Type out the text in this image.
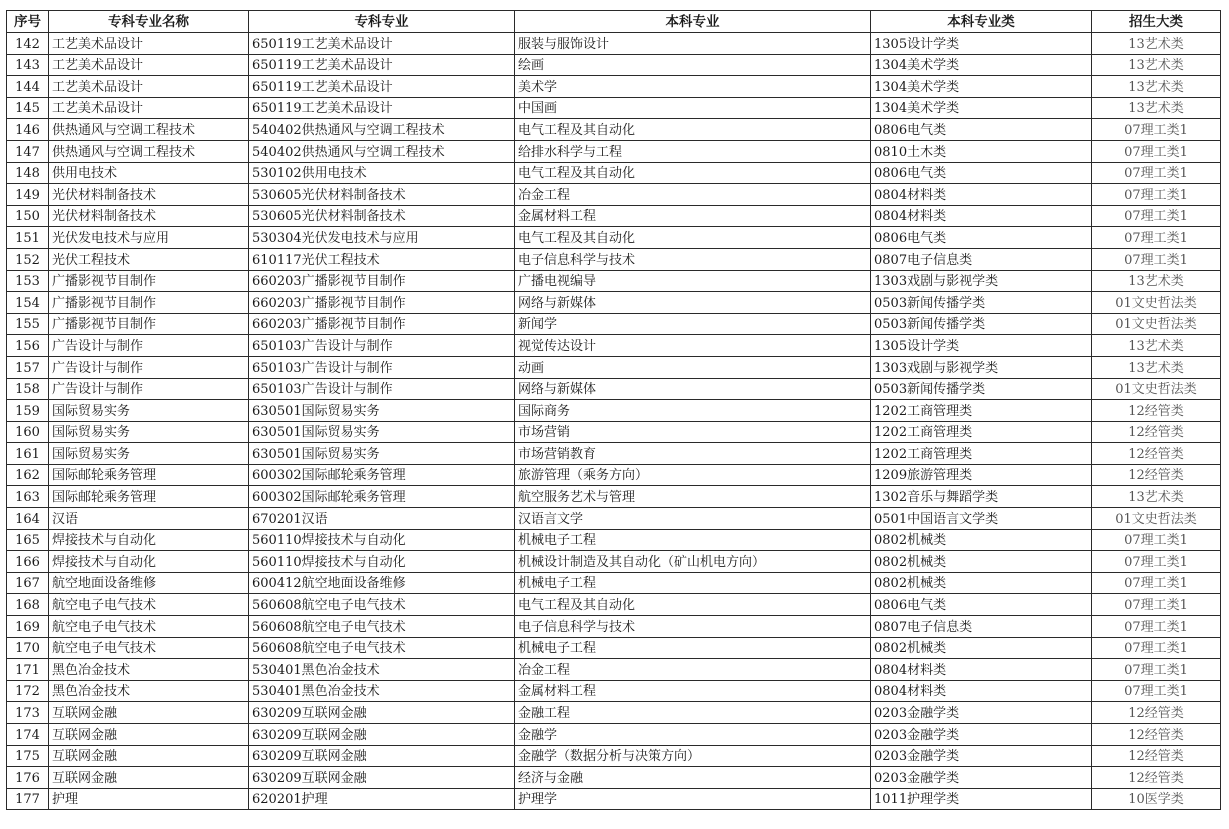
序号	专科专业名称	专科专业	本科专业	本科专业类	招生大类
142	工艺美术品设计	650119工艺美术品设计	服装与服饰设计	1305设计学类	13艺术类
143	工艺美术品设计	650119工艺美术品设计	绘画	1304美术学类	13艺术类
144	工艺美术品设计	650119工艺美术品设计	美术学	1304美术学类	13艺术类
145	工艺美术品设计	650119工艺美术品设计	中国画	1304美术学类	13艺术类
146	供热通风与空调工程技术	540402供热通风与空调工程技术	电气工程及其自动化	0806电气类	07理工类1
147	供热通风与空调工程技术	540402供热通风与空调工程技术	给排水科学与工程	0810土木类	07理工类1
148	供用电技术	530102供用电技术	电气工程及其自动化	0806电气类	07理工类1
149	光伏材料制备技术	530605光伏材料制备技术	冶金工程	0804材料类	07理工类1
150	光伏材料制备技术	530605光伏材料制备技术	金属材料工程	0804材料类	07理工类1
151	光伏发电技术与应用	530304光伏发电技术与应用	电气工程及其自动化	0806电气类	07理工类1
152	光伏工程技术	610117光伏工程技术	电子信息科学与技术	0807电子信息类	07理工类1
153	广播影视节目制作	660203广播影视节目制作	广播电视编导	1303戏剧与影视学类	13艺术类
154	广播影视节目制作	660203广播影视节目制作	网络与新媒体	0503新闻传播学类	01文史哲法类
155	广播影视节目制作	660203广播影视节目制作	新闻学	0503新闻传播学类	01文史哲法类
156	广告设计与制作	650103广告设计与制作	视觉传达设计	1305设计学类	13艺术类
157	广告设计与制作	650103广告设计与制作	动画	1303戏剧与影视学类	13艺术类
158	广告设计与制作	650103广告设计与制作	网络与新媒体	0503新闻传播学类	01文史哲法类
159	国际贸易实务	630501国际贸易实务	国际商务	1202工商管理类	12经管类
160	国际贸易实务	630501国际贸易实务	市场营销	1202工商管理类	12经管类
161	国际贸易实务	630501国际贸易实务	市场营销教育	1202工商管理类	12经管类
162	国际邮轮乘务管理	600302国际邮轮乘务管理	旅游管理（乘务方向）	1209旅游管理类	12经管类
163	国际邮轮乘务管理	600302国际邮轮乘务管理	航空服务艺术与管理	1302音乐与舞蹈学类	13艺术类
164	汉语	670201汉语	汉语言文学	0501中国语言文学类	01文史哲法类
165	焊接技术与自动化	560110焊接技术与自动化	机械电子工程	0802机械类	07理工类1
166	焊接技术与自动化	560110焊接技术与自动化	机械设计制造及其自动化（矿山机电方向）	0802机械类	07理工类1
167	航空地面设备维修	600412航空地面设备维修	机械电子工程	0802机械类	07理工类1
168	航空电子电气技术	560608航空电子电气技术	电气工程及其自动化	0806电气类	07理工类1
169	航空电子电气技术	560608航空电子电气技术	电子信息科学与技术	0807电子信息类	07理工类1
170	航空电子电气技术	560608航空电子电气技术	机械电子工程	0802机械类	07理工类1
171	黑色冶金技术	530401黑色冶金技术	冶金工程	0804材料类	07理工类1
172	黑色冶金技术	530401黑色冶金技术	金属材料工程	0804材料类	07理工类1
173	互联网金融	630209互联网金融	金融工程	0203金融学类	12经管类
174	互联网金融	630209互联网金融	金融学	0203金融学类	12经管类
175	互联网金融	630209互联网金融	金融学（数据分析与决策方向）	0203金融学类	12经管类
176	互联网金融	630209互联网金融	经济与金融	0203金融学类	12经管类
177	护理	620201护理	护理学	1011护理学类	10医学类
